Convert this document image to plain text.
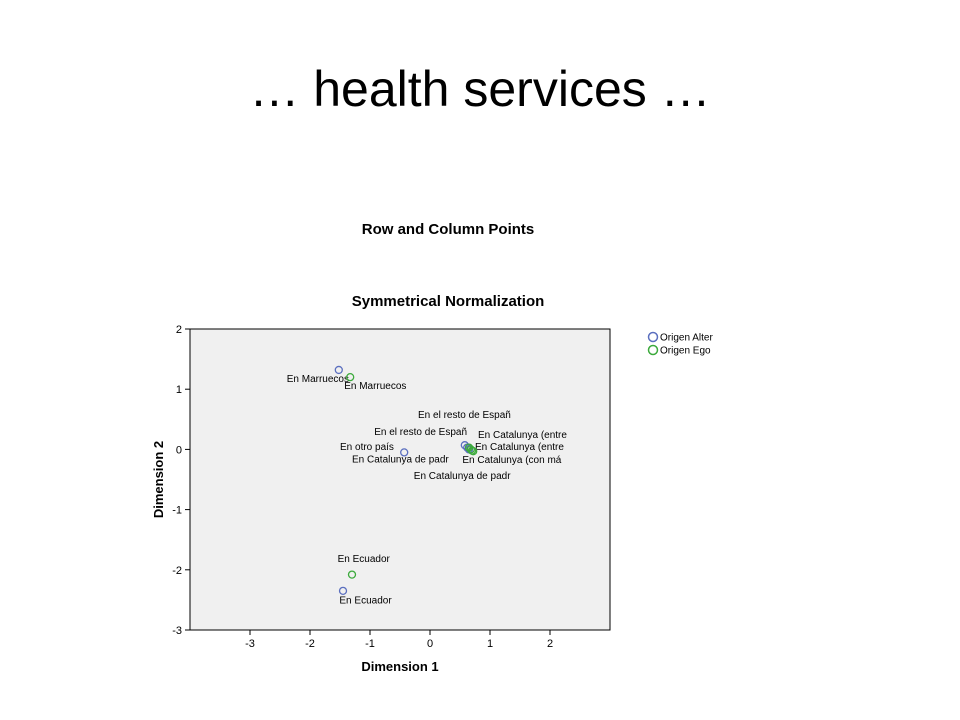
… health services …
Row and Column Points
Symmetrical Normalization
-3	-2	-1	0	1	2
-3
-2
-1
0
1
2
En Marruecos
En Marruecos
En el resto de Españ
En el resto de Españ En Catalunya (entre
En otro país	En Catalunya (entre
En Catalunya de padr En Catalunya (con má
En Catalunya de padr
En Ecuador
En Ecuador
Dimension 1
Dimension 2
Origen Alter
Origen Ego
